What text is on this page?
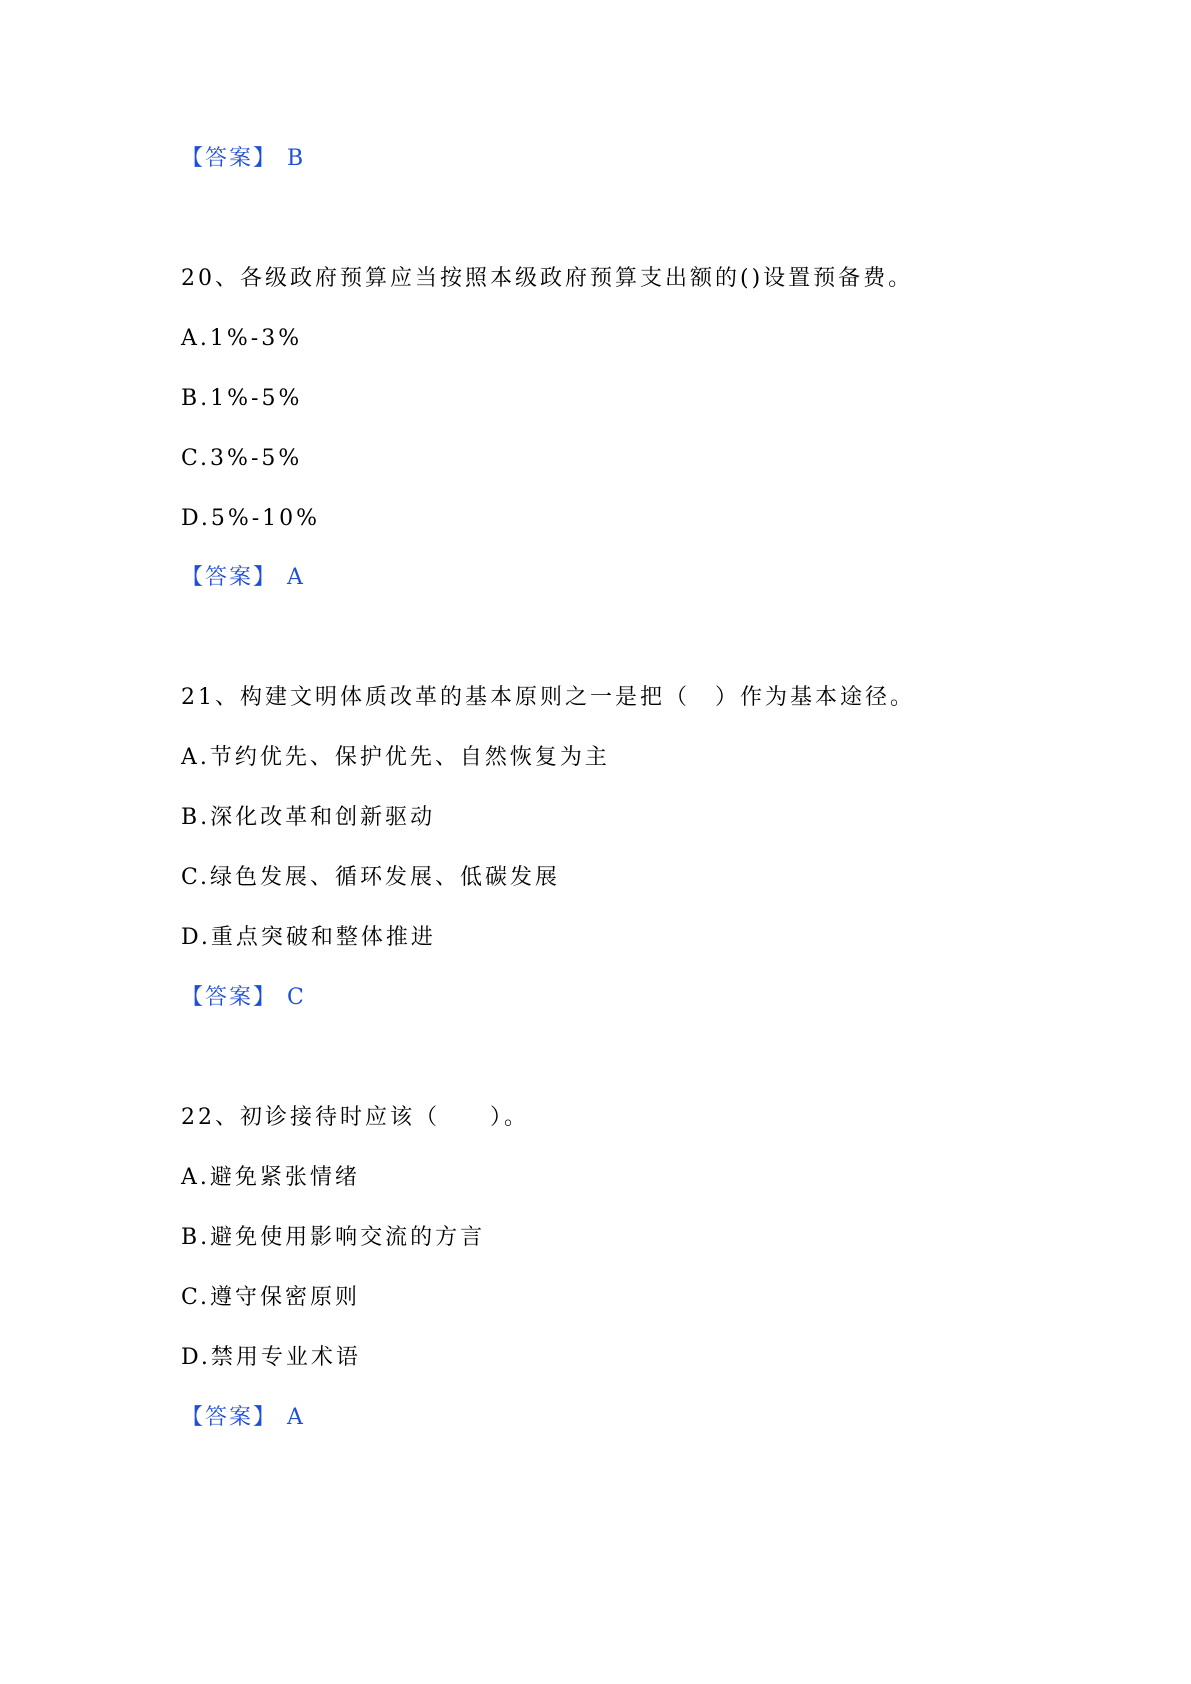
【答案】 B
20、各级政府预算应当按照本级政府预算支出额的()设置预备费。
A.1%-3%
B.1%-5%
C.3%-5%
D.5%-10%
【答案】 A
21、构建文明体质改革的基本原则之一是把（　）作为基本途径。
A.节约优先、保护优先、自然恢复为主
B.深化改革和创新驱动
C.绿色发展、循环发展、低碳发展
D.重点突破和整体推进
【答案】 C
22、初诊接待时应该（　　）。
A.避免紧张情绪
B.避免使用影响交流的方言
C.遵守保密原则
D.禁用专业术语
【答案】 A
